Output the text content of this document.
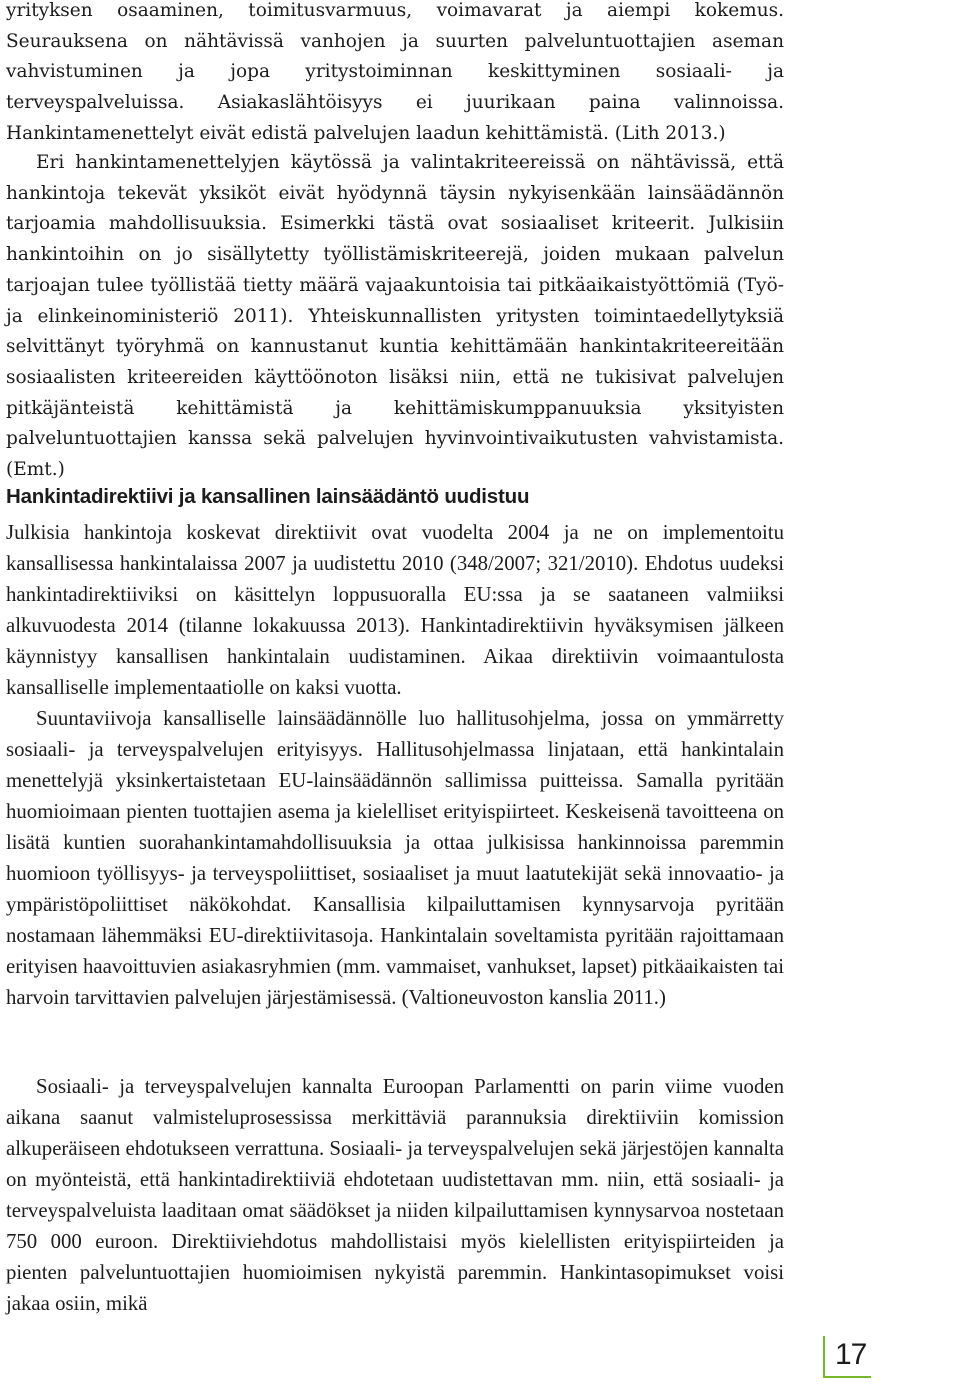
yrityksen osaaminen, toimitusvarmuus, voimavarat ja aiempi kokemus. Seurauksena on nähtävissä vanhojen ja suurten palveluntuottajien aseman vahvistuminen ja jopa yritystoiminnan keskittyminen sosiaali- ja terveyspalveluissa. Asiakaslähtöisyys ei juurikaan paina valinnoissa. Hankintamenettelyt eivät edistä palvelujen laadun kehittämistä. (Lith 2013.)

Eri hankintamenettelyjen käytössä ja valintakriteereissä on nähtävissä, että hankintoja tekevät yksiköt eivät hyödynnä täysin nykyisenkään lainsäädännön tarjoamia mahdollisuuksia. Esimerkki tästä ovat sosiaaliset kriteerit. Julkisiin hankintoihin on jo sisällytetty työllistämiskriteerejä, joiden mukaan palvelun tarjoajan tulee työllistää tietty määrä vajaakuntoisia tai pitkäaikaistyöttömiä (Työ- ja elinkeinoministeriö 2011). Yhteiskunnallisten yritysten toimintaedellytyksiä selvittänyt työryhmä on kannustanut kuntia kehittämään hankintakriteereitään sosiaalisten kriteereiden käyttöönoton lisäksi niin, että ne tukisivat palvelujen pitkäjänteistä kehittämistä ja kehittämiskumppanuuksia yksityisten palveluntuottajien kanssa sekä palvelujen hyvinvointivaikutusten vahvistamista. (Emt.)

Hankintadirektiivi ja kansallinen lainsäädäntö uudistuu

Julkisia hankintoja koskevat direktiivit ovat vuodelta 2004 ja ne on implementoitu kansallisessa hankintalaissa 2007 ja uudistettu 2010 (348/2007; 321/2010). Ehdotus uudeksi hankintadirektiiviksi on käsittelyn loppusuoralla EU:ssa ja se saataneen valmiiksi alkuvuodesta 2014 (tilanne lokakuussa 2013). Hankintadirektiivin hyväksymisen jälkeen käynnistyy kansallisen hankintalain uudistaminen. Aikaa direktiivin voimaantulosta kansalliselle implementaatiolle on kaksi vuotta.

Suuntaviivoja kansalliselle lainsäädännölle luo hallitusohjelma, jossa on ymmärretty sosiaali- ja terveyspalvelujen erityisyys. Hallitusohjelmassa linjataan, että hankintalain menettelyjä yksinkertaistetaan EU-lainsäädännön sallimissa puitteissa. Samalla pyritään huomioimaan pienten tuottajien asema ja kielelliset erityispiirteet. Keskeisenä tavoitteena on lisätä kuntien suorahankintamahdollisuuksia ja ottaa julkisissa hankinnoissa paremmin huomioon työllisyys- ja terveyspoliittiset, sosiaaliset ja muut laatutekijät sekä innovaatio- ja ympäristöpoliittiset näkökohdat. Kansallisia kilpailuttamisen kynnysarvoja pyritään nostamaan lähemmäksi EU-direktiivitasoja. Hankintalain soveltamista pyritään rajoittamaan erityisen haavoittuvien asiakasryhmien (mm. vammaiset, vanhukset, lapset) pitkäaikaisten tai harvoin tarvittavien palvelujen järjestämisessä. (Valtioneuvoston kanslia 2011.)

Sosiaali- ja terveyspalvelujen kannalta Euroopan Parlamentti on parin viime vuoden aikana saanut valmisteluprosessissa merkittäviä parannuksia direktiiviin komission alkuperäiseen ehdotukseen verrattuna. Sosiaali- ja terveyspalvelujen sekä järjestöjen kannalta on myönteistä, että hankintadirektiiviä ehdotetaan uudistettavan mm. niin, että sosiaali- ja terveyspalveluista laaditaan omat säädökset ja niiden kilpailuttamisen kynnysarvoa nostetaan 750 000 euroon. Direktiiviehdotus mahdollistaisi myös kielellisten erityispiirteiden ja pienten palveluntuottajien huomioimisen nykyistä paremmin. Hankintasopimukset voisi jakaa osiin, mikä

17
